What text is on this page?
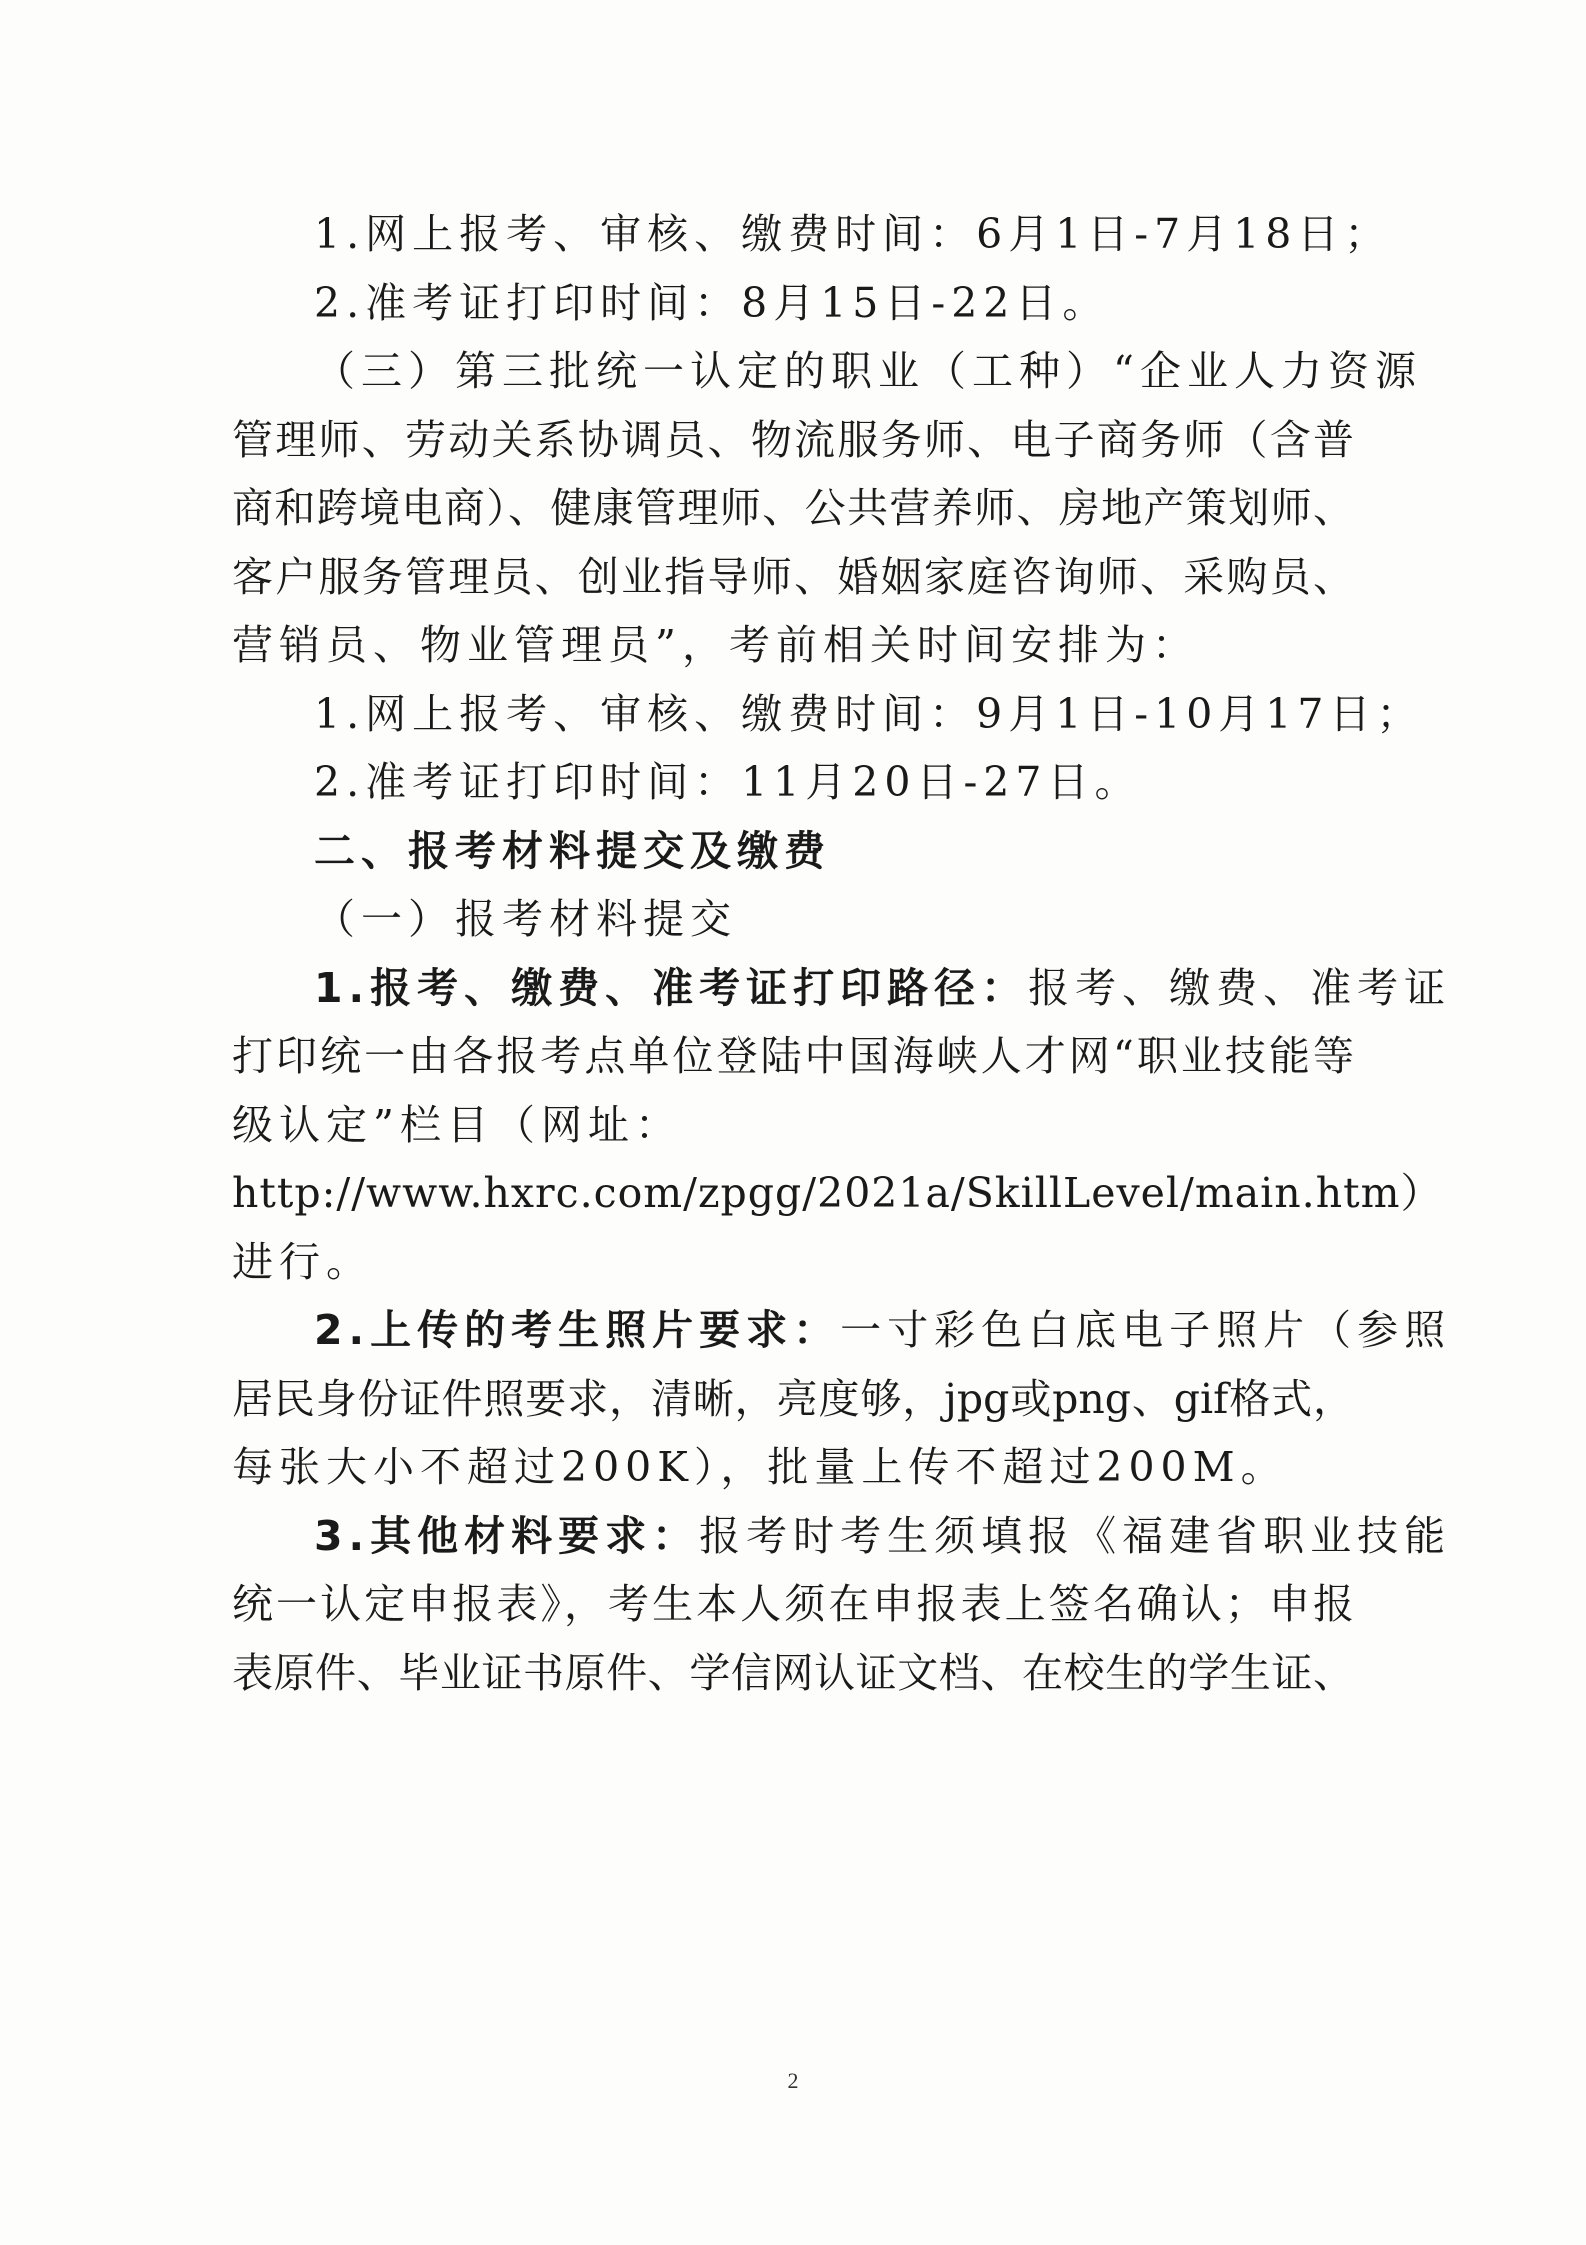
1.网上报考、审核、缴费时间：6月1日-7月18日；
2.准考证打印时间：8月15日-22日。
（三）第三批统一认定的职业（工种）“企业人力资源
管理师、劳动关系协调员、物流服务师、电子商务师（含普
商和跨境电商）、健康管理师、公共营养师、房地产策划师、
客户服务管理员、创业指导师、婚姻家庭咨询师、采购员、
营销员、物业管理员”，考前相关时间安排为：
1.网上报考、审核、缴费时间：9月1日-10月17日；
2.准考证打印时间：11月20日-27日。
二、报考材料提交及缴费
（一）报考材料提交
1.报考、缴费、准考证打印路径：报考、缴费、准考证
打印统一由各报考点单位登陆中国海峡人才网“职业技能等
级认定”栏目（网址：
http://www.hxrc.com/zpgg/2021a/SkillLevel/main.htm）
进行。
2.上传的考生照片要求：一寸彩色白底电子照片（参照
居民身份证件照要求，清晰，亮度够，jpg或png、gif格式，
每张大小不超过200K），批量上传不超过200M。
3.其他材料要求：报考时考生须填报《福建省职业技能
统一认定申报表》，考生本人须在申报表上签名确认；申报
表原件、毕业证书原件、学信网认证文档、在校生的学生证、
2
